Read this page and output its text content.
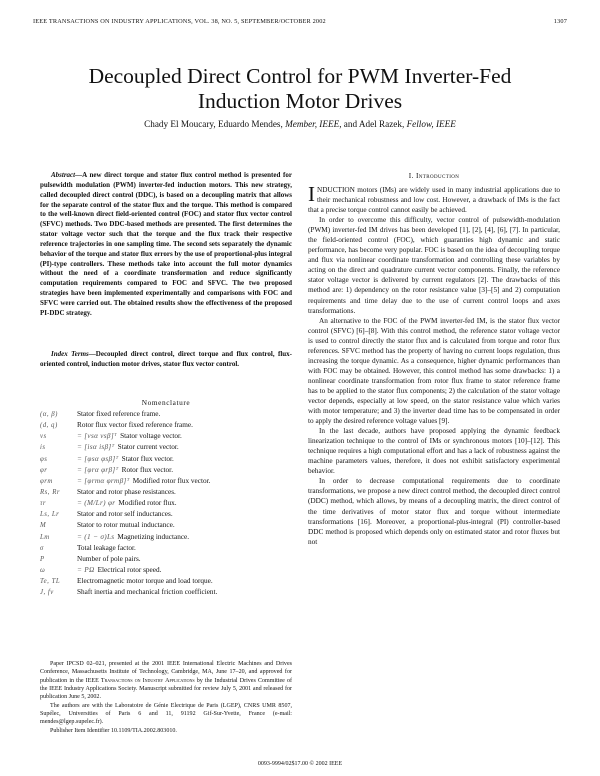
IEEE TRANSACTIONS ON INDUSTRY APPLICATIONS, VOL. 38, NO. 5, SEPTEMBER/OCTOBER 2002	1307
Decoupled Direct Control for PWM Inverter-Fed
Induction Motor Drives
Chady El Moucary, Eduardo Mendes, Member, IEEE, and Adel Razek, Fellow, IEEE

Abstract—A new direct torque and stator flux control method is presented for pulsewidth modulation (PWM) inverter-fed induction motors. This new strategy, called decoupled direct control (DDC), is based on a decoupling matrix that allows for the separate control of the stator flux and the torque. This method is compared to the well-known direct field-oriented control (FOC) and stator flux vector control (SFVC) methods. Two DDC-based methods are presented. The first determines the stator voltage vector such that the torque and the flux track their respective reference trajectories in one sampling time. The second sets separately the dynamic behavior of the torque and stator flux errors by the use of proportional-plus integral (PI)-type controllers. These methods take into account the full motor dynamics without the need of a coordinate transformation and reduce significantly computation requirements compared to FOC and SFVC. The two proposed strategies have been implemented experimentally and comparisons with FOC and SFVC were carried out. The obtained results show the effectiveness of the proposed PI-DDC strategy.

Index Terms—Decoupled direct control, direct torque and flux control, flux-oriented control, induction motor drives, stator flux vector control.

Nomenclature
(α, β)	Stator fixed reference frame.
(d, q)	Rotor flux vector fixed reference frame.
vs	= [vsα vsβ]ᵀ Stator voltage vector.
is	= [isα isβ]ᵀ Stator current vector.
φs	= [φsα φsβ]ᵀ Stator flux vector.
φr	= [φrα φrβ]ᵀ Rotor flux vector.
φrm	= [φrmα φrmβ]ᵀ Modified rotor flux vector.
Rs, Rr	Stator and rotor phase resistances.
τr	= (M/Lr) φr Modified rotor flux.
Ls, Lr	Stator and rotor self inductances.
M	Stator to rotor mutual inductance.
Lm	= (1 − σ)Ls Magnetizing inductance.
σ	Total leakage factor.
P	Number of pole pairs.
ω	= PΩ Electrical rotor speed.
Te, TL	Electromagnetic motor torque and load torque.
J, fv	Shaft inertia and mechanical friction coefficient.

Paper IPCSD 02–021, presented at the 2001 IEEE International Electric Machines and Drives Conference, Massachusetts Institute of Technology, Cambridge, MA, June 17–20, and approved for publication in the IEEE Transactions on Industry Applications by the Industrial Drives Committee of the IEEE Industry Applications Society. Manuscript submitted for review July 5, 2001 and released for publication June 5, 2002.

The authors are with the Laboratoire de Génie Electrique de Paris (LGEP), CNRS UMR 8507, Supélec, Universities of Paris 6 and 11, 91192 Gif-Sur-Yvette, France (e-mail: mendes@lgep.supelec.fr).

Publisher Item Identifier 10.1109/TIA.2002.803010.

I. Introduction

INDUCTION motors (IMs) are widely used in many industrial applications due to their mechanical robustness and low cost. However, a drawback of IMs is the fact that a precise torque control cannot easily be achieved.

In order to overcome this difficulty, vector control of pulsewidth-modulation (PWM) inverter-fed IM drives has been developed [1], [2], [4], [6], [7]. In particular, the field-oriented control (FOC), which guaranties high dynamic and static performance, has become very popular. FOC is based on the idea of decoupling torque and flux via nonlinear coordinate transformation and controlling these variables by acting on the direct and quadrature current vector components. Finally, the reference stator voltage vector is delivered by current regulators [2]. The drawbacks of this method are: 1) dependency on the rotor resistance value [3]–[5] and 2) computation requirements and time delay due to the use of current control loops and axes transformations.

An alternative to the FOC of the PWM inverter-fed IM, is the stator flux vector control (SFVC) [6]–[8]. With this control method, the reference stator voltage vector is used to control directly the stator flux and is calculated from torque and rotor flux references. SFVC method has the property of having no current loops regulation, thus increasing the torque dynamic. As a consequence, higher dynamic performances than with FOC may be obtained. However, this control method has some drawbacks: 1) a nonlinear coordinate transformation from rotor flux frame to stator reference frame has to be applied to the stator flux components; 2) the calculation of the stator voltage vector depends, especially at low speed, on the stator resistance value which varies with motor temperature; and 3) the inverter dead time has to be compensated in order to apply the desired reference voltage values [9].

In the last decade, authors have proposed applying the dynamic feedback linearization technique to the control of IMs or synchronous motors [10]–[12]. This technique requires a high computational effort and has a lack of robustness against the machine parameters values, therefore, it does not exhibit satisfactory experimental behavior.

In order to decrease computational requirements due to coordinate transformations, we propose a new direct control method, the decoupled direct control (DDC) method, which allows, by means of a decoupling matrix, the direct control of the time derivatives of motor stator flux and torque without intermediate transformations [16]. Moreover, a proportional-plus-integral (PI) controller-based DDC method is proposed which depends only on estimated stator and rotor fluxes but not

0093-9994/02$17.00 © 2002 IEEE
